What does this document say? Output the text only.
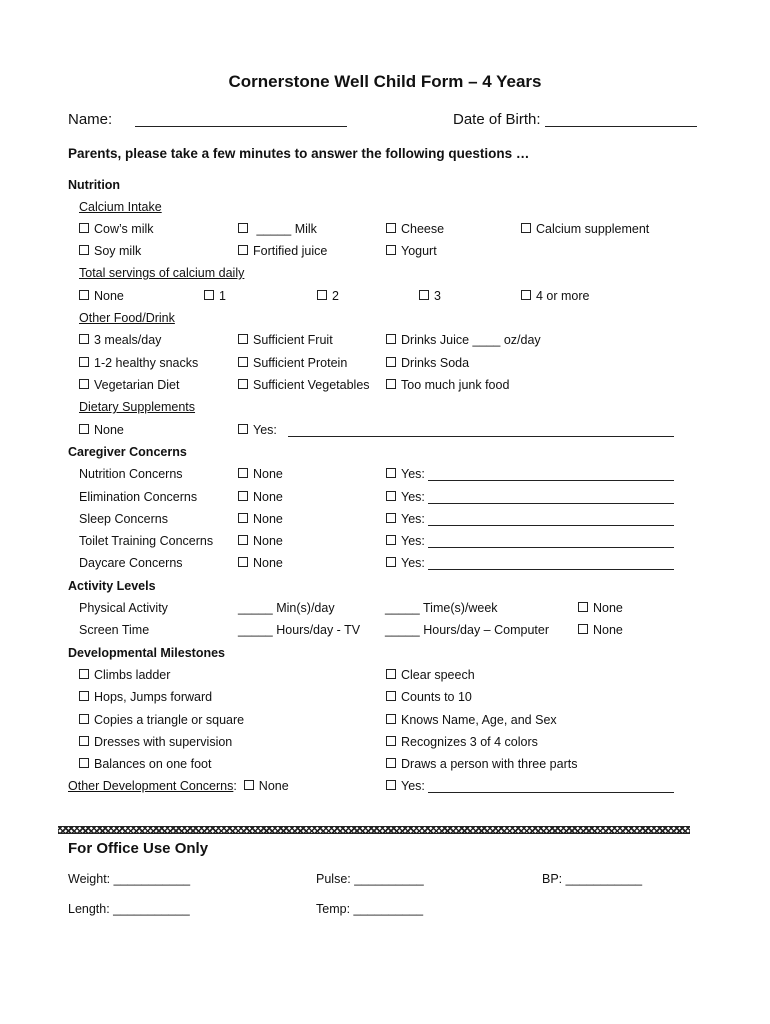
Cornerstone Well Child Form – 4 Years
Name:	Date of Birth:
Parents, please take a few minutes to answer the following questions …
Nutrition
Calcium Intake
Cow’s milk	_____ Milk	Cheese	Calcium supplement
Soy milk	Fortified juice	Yogurt
Total servings of calcium daily
None	1	2	3	4 or more
Other Food/Drink
3 meals/day	Sufficient Fruit	Drinks Juice ____ oz/day
1-2 healthy snacks	Sufficient Protein	Drinks Soda
Vegetarian Diet	Sufficient Vegetables	Too much junk food
Dietary Supplements
None	Yes:
Caregiver Concerns
Nutrition Concerns	None	Yes:
Elimination Concerns	None	Yes:
Sleep Concerns	None	Yes:
Toilet Training Concerns	None	Yes:
Daycare Concerns	None	Yes:
Activity Levels
Physical Activity	_____ Min(s)/day	_____ Time(s)/week	None
Screen Time	_____ Hours/day - TV _____ Hours/day – Computer	None
Developmental Milestones
Climbs ladder	Clear speech
Hops, Jumps forward	Counts to 10
Copies a triangle or square	Knows Name, Age, and Sex
Dresses with supervision	Recognizes 3 of 4 colors
Balances on one foot	Draws a person with three parts
Other Development Concerns: None	Yes:
For Office Use Only
Weight: ___________	Pulse: __________	BP: ___________
Length: ___________	Temp: __________
